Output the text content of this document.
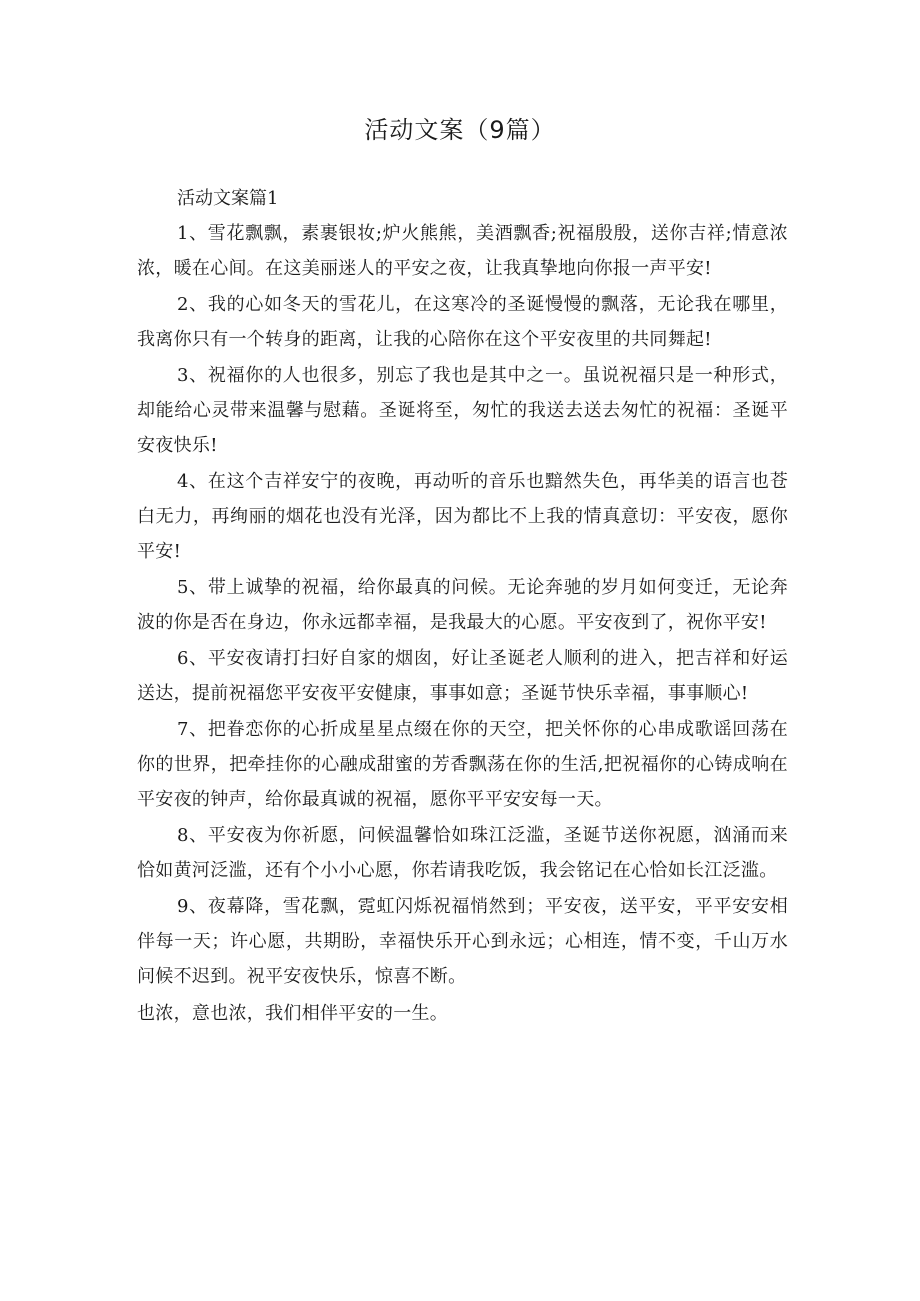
活动文案（9篇）

活动文案篇1

1、雪花飘飘，素裹银妆;炉火熊熊，美酒飘香;祝福殷殷，送你吉祥;情意浓浓，暖在心间。在这美丽迷人的平安之夜，让我真挚地向你报一声平安!

2、我的心如冬天的雪花儿，在这寒冷的圣诞慢慢的飘落，无论我在哪里，我离你只有一个转身的距离，让我的心陪你在这个平安夜里的共同舞起!

3、祝福你的人也很多，别忘了我也是其中之一。虽说祝福只是一种形式，却能给心灵带来温馨与慰藉。圣诞将至，匆忙的我送去送去匆忙的祝福：圣诞平安夜快乐!

4、在这个吉祥安宁的夜晚，再动听的音乐也黯然失色，再华美的语言也苍白无力，再绚丽的烟花也没有光泽，因为都比不上我的情真意切：平安夜，愿你平安!

5、带上诚挚的祝福，给你最真的问候。无论奔驰的岁月如何变迁，无论奔波的你是否在身边，你永远都幸福，是我最大的心愿。平安夜到了，祝你平安!

6、平安夜请打扫好自家的烟囱，好让圣诞老人顺利的进入，把吉祥和好运送达，提前祝福您平安夜平安健康，事事如意；圣诞节快乐幸福，事事顺心!

7、把眷恋你的心折成星星点缀在你的天空，把关怀你的心串成歌谣回荡在你的世界，把牵挂你的心融成甜蜜的芳香飘荡在你的生活,把祝福你的心铸成响在平安夜的钟声，给你最真诚的祝福，愿你平平安安每一天。

8、平安夜为你祈愿，问候温馨恰如珠江泛滥，圣诞节送你祝愿，汹涌而来恰如黄河泛滥，还有个小小心愿，你若请我吃饭，我会铭记在心恰如长江泛滥。

9、夜幕降，雪花飘，霓虹闪烁祝福悄然到；平安夜，送平安，平平安安相伴每一天；许心愿，共期盼，幸福快乐开心到永远；心相连，情不变，千山万水问候不迟到。祝平安夜快乐，惊喜不断。

也浓，意也浓，我们相伴平安的一生。
